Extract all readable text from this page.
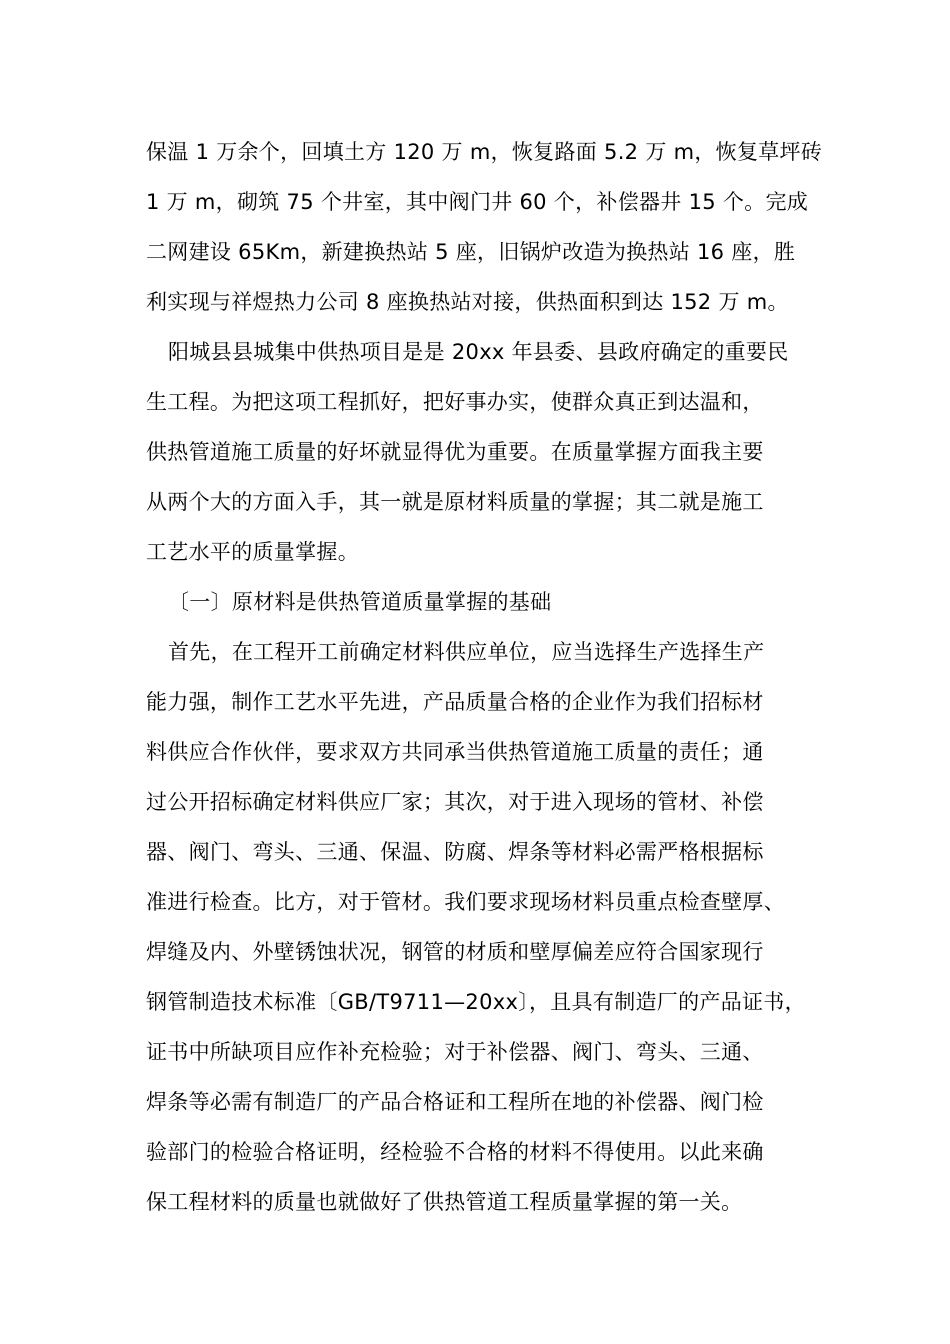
保温 1 万余个，回填土方 120 万 m，恢复路面 5.2 万 m，恢复草坪砖
1 万 m，砌筑 75 个井室，其中阀门井 60 个，补偿器井 15 个。完成
二网建设 65Km，新建换热站 5 座，旧锅炉改造为换热站 16 座，胜
利实现与祥煜热力公司 8 座换热站对接，供热面积到达 152 万 m。
阳城县县城集中供热项目是是 20xx 年县委、县政府确定的重要民
生工程。为把这项工程抓好，把好事办实，使群众真正到达温和，
供热管道施工质量的好坏就显得优为重要。在质量掌握方面我主要
从两个大的方面入手，其一就是原材料质量的掌握；其二就是施工
工艺水平的质量掌握。
〔一〕原材料是供热管道质量掌握的基础
首先，在工程开工前确定材料供应单位，应当选择生产选择生产
能力强，制作工艺水平先进，产品质量合格的企业作为我们招标材
料供应合作伙伴，要求双方共同承当供热管道施工质量的责任；通
过公开招标确定材料供应厂家；其次，对于进入现场的管材、补偿
器、阀门、弯头、三通、保温、防腐、焊条等材料必需严格根据标
准进行检查。比方，对于管材。我们要求现场材料员重点检查壁厚、
焊缝及内、外壁锈蚀状况，钢管的材质和壁厚偏差应符合国家现行
钢管制造技术标准〔GB/T9711—20xx〕，且具有制造厂的产品证书，
证书中所缺项目应作补充检验；对于补偿器、阀门、弯头、三通、
焊条等必需有制造厂的产品合格证和工程所在地的补偿器、阀门检
验部门的检验合格证明，经检验不合格的材料不得使用。以此来确
保工程材料的质量也就做好了供热管道工程质量掌握的第一关。
